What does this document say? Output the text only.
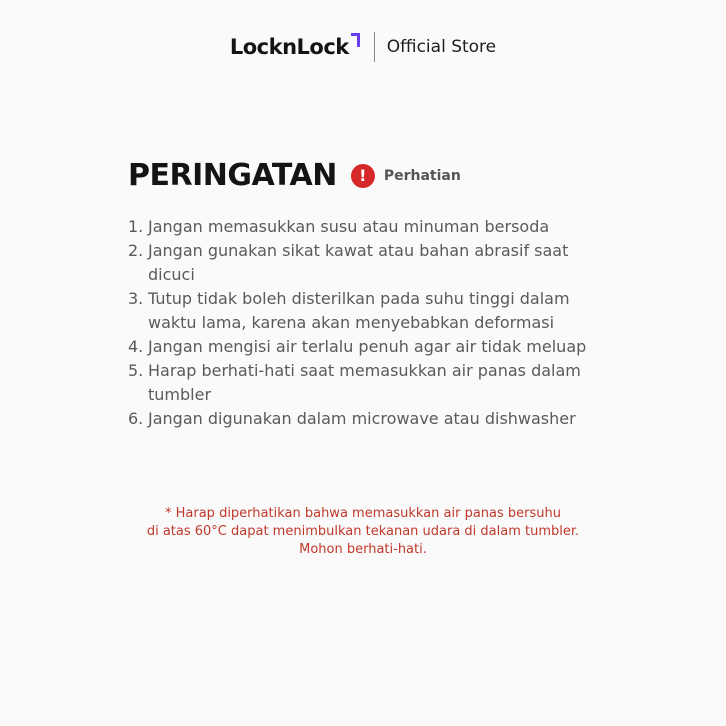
LocknLock Official Store
PERINGATAN	!	Perhatian
1. Jangan memasukkan susu atau minuman bersoda
2. Jangan gunakan sikat kawat atau bahan abrasif saat dicuci
3. Tutup tidak boleh disterilkan pada suhu tinggi dalam waktu lama, karena akan menyebabkan deformasi
4. Jangan mengisi air terlalu penuh agar air tidak meluap
5. Harap berhati-hati saat memasukkan air panas dalam tumbler
6. Jangan digunakan dalam microwave atau dishwasher
* Harap diperhatikan bahwa memasukkan air panas bersuhu
di atas 60°C dapat menimbulkan tekanan udara di dalam tumbler.
Mohon berhati-hati.
